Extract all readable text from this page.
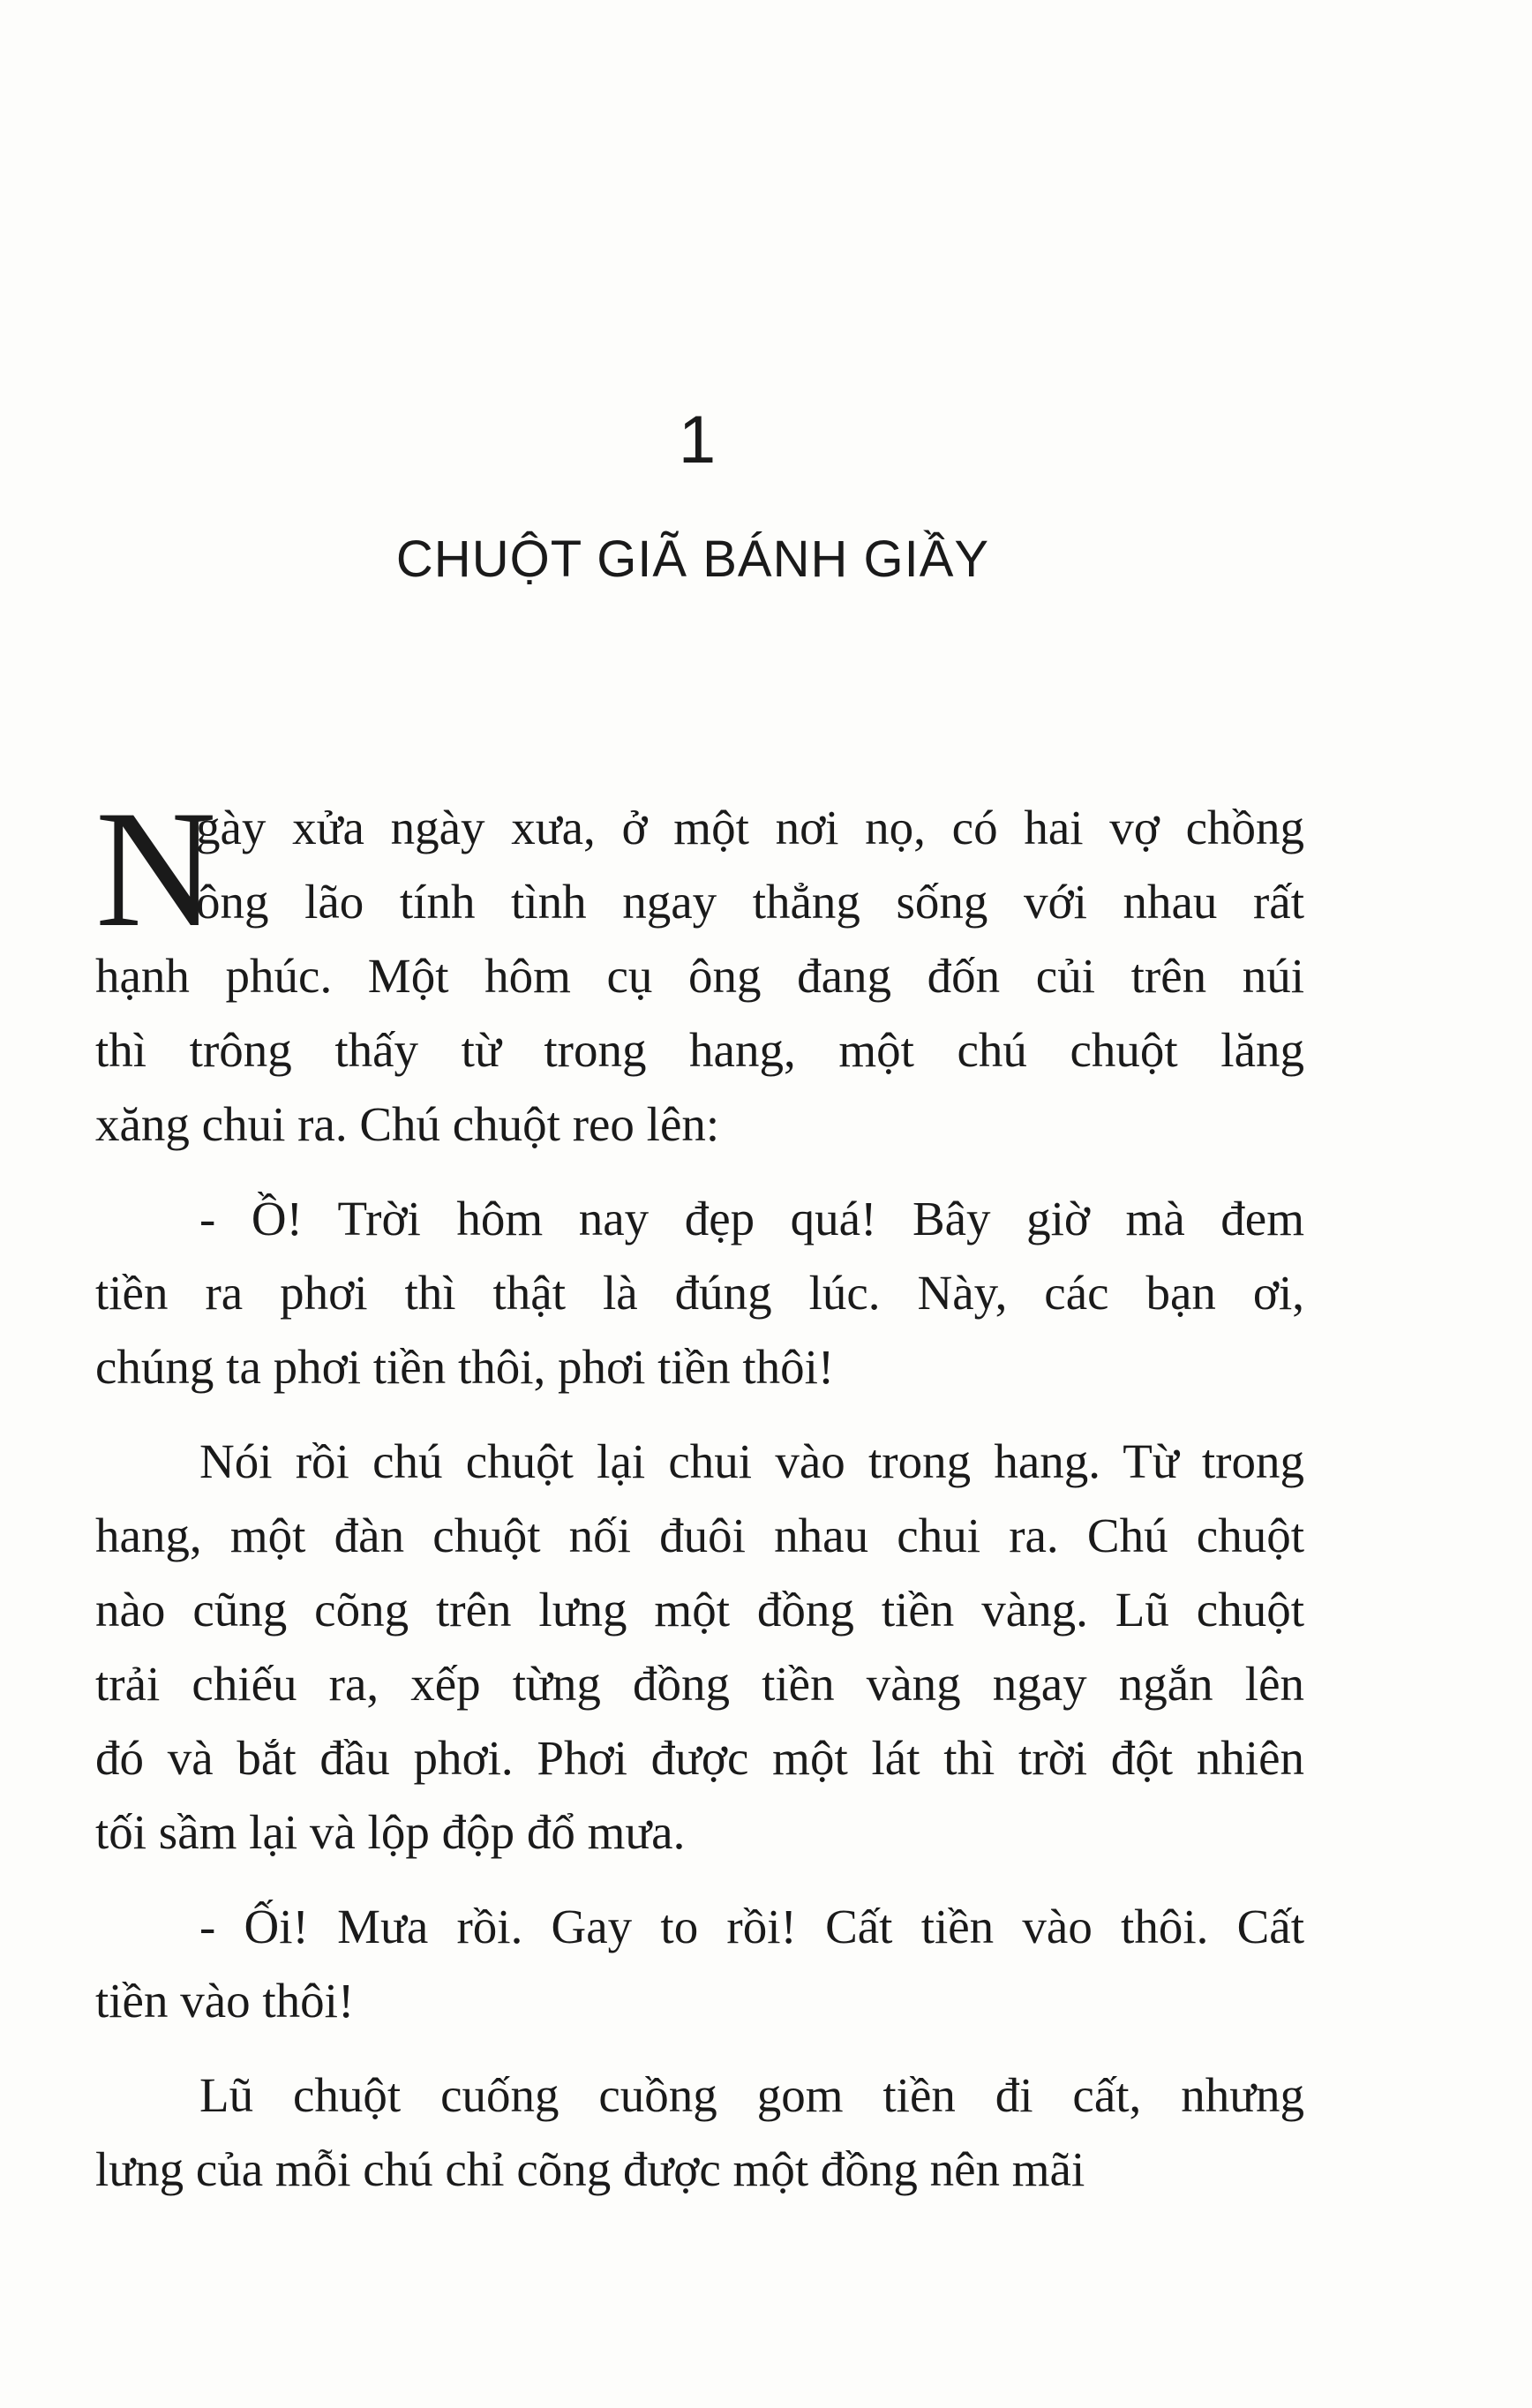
1
CHUỘT GIÃ BÁNH GIẦY
N
gày xửa ngày xưa, ở một nơi nọ, có hai vợ chồng
ông lão tính tình ngay thẳng sống với nhau rất
hạnh phúc. Một hôm cụ ông đang đốn củi trên núi
thì trông thấy từ trong hang, một chú chuột lăng
xăng chui ra. Chú chuột reo lên:
- Ồ! Trời hôm nay đẹp quá! Bây giờ mà đem
tiền ra phơi thì thật là đúng lúc. Này, các bạn ơi,
chúng ta phơi tiền thôi, phơi tiền thôi!
Nói rồi chú chuột lại chui vào trong hang. Từ trong
hang, một đàn chuột nối đuôi nhau chui ra. Chú chuột
nào cũng cõng trên lưng một đồng tiền vàng. Lũ chuột
trải chiếu ra, xếp từng đồng tiền vàng ngay ngắn lên
đó và bắt đầu phơi. Phơi được một lát thì trời đột nhiên
tối sầm lại và lộp độp đổ mưa.
- Ối! Mưa rồi. Gay to rồi! Cất tiền vào thôi. Cất
tiền vào thôi!
Lũ chuột cuống cuồng gom tiền đi cất, nhưng
lưng của mỗi chú chỉ cõng được một đồng nên mãi
